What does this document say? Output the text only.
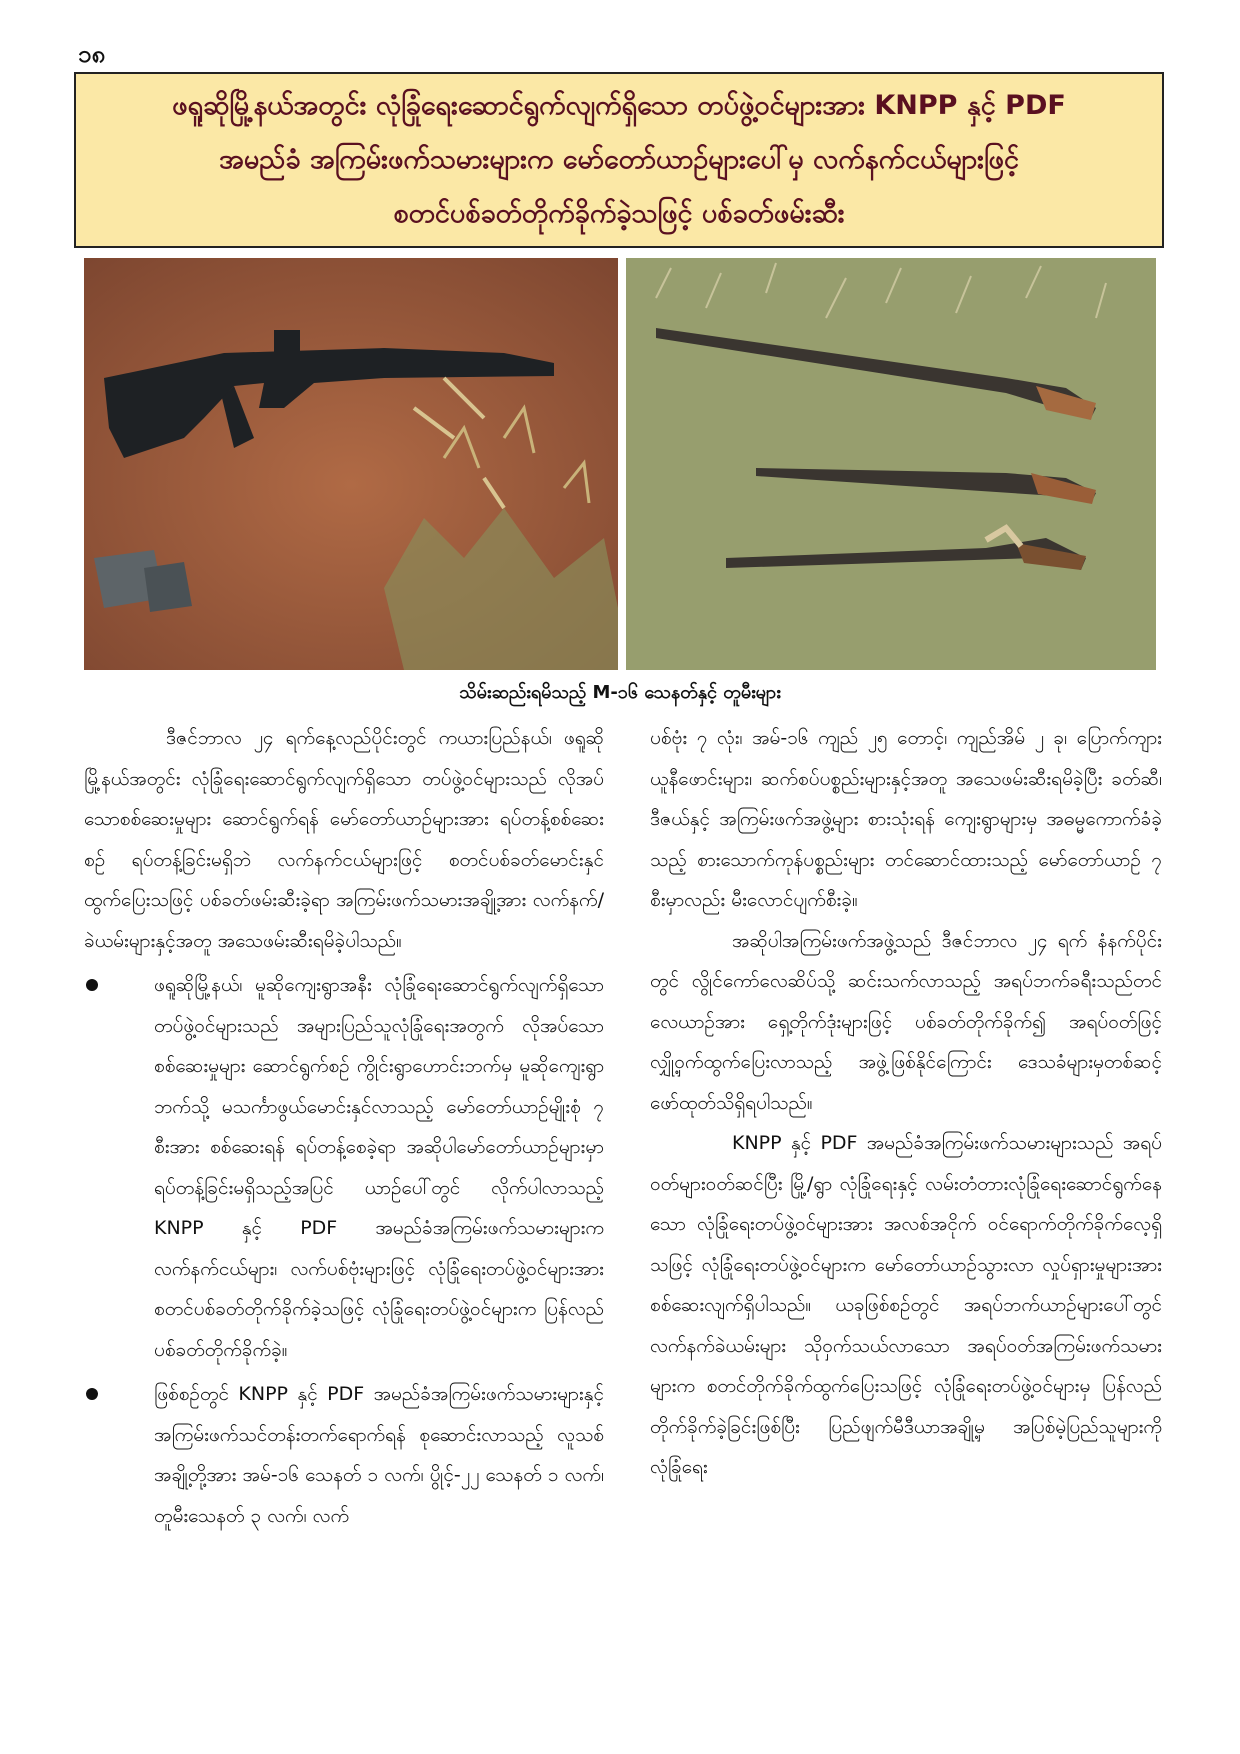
၁၈
ဖရူဆိုမြို့နယ်အတွင်း လုံခြုံရေးဆောင်ရွက်လျက်ရှိသော တပ်ဖွဲ့ဝင်များအား KNPP နှင့် PDF
အမည်ခံ အကြမ်းဖက်သမားများက မော်တော်ယာဉ်များပေါ်မှ လက်နက်ငယ်များဖြင့်
စတင်ပစ်ခတ်တိုက်ခိုက်ခဲ့သဖြင့် ပစ်ခတ်ဖမ်းဆီး
သိမ်းဆည်းရမိသည့် M-၁၆ သေနတ်နှင့် တူမီးများ

ဒီဇင်ဘာလ ၂၄ ရက်နေ့လည်ပိုင်းတွင် ကယားပြည်နယ်၊ ဖရူဆိုမြို့နယ်အတွင်း လုံခြုံရေးဆောင်ရွက်လျက်ရှိသော တပ်ဖွဲ့ဝင်များသည် လိုအပ်သောစစ်ဆေးမှုများ ဆောင်ရွက်ရန် မော်တော်ယာဉ်များအား ရပ်တန့်စစ်ဆေးစဉ် ရပ်တန့်ခြင်းမရှိဘဲ လက်နက်ငယ်များဖြင့် စတင်ပစ်ခတ်မောင်းနှင်ထွက်ပြေးသဖြင့် ပစ်ခတ်ဖမ်းဆီးခဲ့ရာ အကြမ်းဖက်သမားအချို့အား လက်နက်/ခဲယမ်းများနှင့်အတူ အသေဖမ်းဆီးရမိခဲ့ပါသည်။

ဖရူဆိုမြို့နယ်၊ မူဆိုကျေးရွာအနီး လုံခြုံရေးဆောင်ရွက်လျက်ရှိသော တပ်ဖွဲ့ဝင်များသည် အများပြည်သူလုံခြုံရေးအတွက် လိုအပ်သော စစ်ဆေးမှုများ ဆောင်ရွက်စဉ် ကွိုင်းရွာဟောင်းဘက်မှ မူဆိုကျေးရွာဘက်သို့ မသင်္ကာဖွယ်မောင်းနှင်လာသည့် မော်တော်ယာဉ်မျိုးစုံ ၇ စီးအား စစ်ဆေးရန် ရပ်တန့်စေခဲ့ရာ အဆိုပါမော်တော်ယာဉ်များမှာ ရပ်တန့်ခြင်းမရှိသည့်အပြင် ယာဉ်ပေါ်တွင် လိုက်ပါလာသည့် KNPP နှင့် PDF အမည်ခံအကြမ်းဖက်သမားများက လက်နက်ငယ်များ၊ လက်ပစ်ဗုံးများဖြင့် လုံခြုံရေးတပ်ဖွဲ့ဝင်များအား စတင်ပစ်ခတ်တိုက်ခိုက်ခဲ့သဖြင့် လုံခြုံရေးတပ်ဖွဲ့ဝင်များက ပြန်လည်ပစ်ခတ်တိုက်ခိုက်ခဲ့။
ဖြစ်စဉ်တွင် KNPP နှင့် PDF အမည်ခံအကြမ်းဖက်သမားများနှင့် အကြမ်းဖက်သင်တန်းတက်ရောက်ရန် စုဆောင်းလာသည့် လူသစ်အချို့တို့အား အမ်-၁၆ သေနတ် ၁ လက်၊ ပွိုင့်-၂၂ သေနတ် ၁ လက်၊ တူမီးသေနတ် ၃ လက်၊ လက်

ပစ်ဗုံး ၇ လုံး၊ အမ်-၁၆ ကျည် ၂၅ တောင့်၊ ကျည်အိမ် ၂ ခု၊ ပြောက်ကျားယူနီဖောင်းများ၊ ဆက်စပ်ပစ္စည်းများနှင့်အတူ အသေဖမ်းဆီးရမိခဲ့ပြီး ခတ်ဆီ၊ ဒီဇယ်နှင့် အကြမ်းဖက်အဖွဲ့များ စားသုံးရန် ကျေးရွာများမှ အဓမ္မကောက်ခံခဲ့သည့် စားသောက်ကုန်ပစ္စည်းများ တင်ဆောင်ထားသည့် မော်တော်ယာဉ် ၇ စီးမှာလည်း မီးလောင်ပျက်စီးခဲ့။

အဆိုပါအကြမ်းဖက်အဖွဲ့သည် ဒီဇင်ဘာလ ၂၄ ရက် နံနက်ပိုင်းတွင် လွိုင်ကော်လေဆိပ်သို့ ဆင်းသက်လာသည့် အရပ်ဘက်ခရီးသည်တင်လေယာဉ်အား ရှေ့တိုက်ဒုံးများဖြင့် ပစ်ခတ်တိုက်ခိုက်၍ အရပ်ဝတ်ဖြင့် လျှို့ဝှက်ထွက်ပြေးလာသည့် အဖွဲ့ဖြစ်နိုင်ကြောင်း ဒေသခံများမှတစ်ဆင့် ဖော်ထုတ်သိရှိရပါသည်။

KNPP နှင့် PDF အမည်ခံအကြမ်းဖက်သမားများသည် အရပ်ဝတ်များဝတ်ဆင်ပြီး မြို့/ရွာ လုံခြုံရေးနှင့် လမ်းတံတားလုံခြုံရေးဆောင်ရွက်နေသော လုံခြုံရေးတပ်ဖွဲ့ဝင်များအား အလစ်အငိုက် ဝင်ရောက်တိုက်ခိုက်လေ့ရှိသဖြင့် လုံခြုံရေးတပ်ဖွဲ့ဝင်များက မော်တော်ယာဉ်သွားလာ လှုပ်ရှားမှုများအား စစ်ဆေးလျက်ရှိပါသည်။ ယခုဖြစ်စဉ်တွင် အရပ်ဘက်ယာဉ်များပေါ်တွင် လက်နက်ခဲယမ်းများ သိုဝှက်သယ်လာသော အရပ်ဝတ်အကြမ်းဖက်သမားများက စတင်တိုက်ခိုက်ထွက်ပြေးသဖြင့် လုံခြုံရေးတပ်ဖွဲ့ဝင်များမှ ပြန်လည်တိုက်ခိုက်ခဲ့ခြင်းဖြစ်ပြီး ပြည်ဖျက်မီဒီယာအချို့မှ အပြစ်မဲ့ပြည်သူများကို လုံခြုံရေး
